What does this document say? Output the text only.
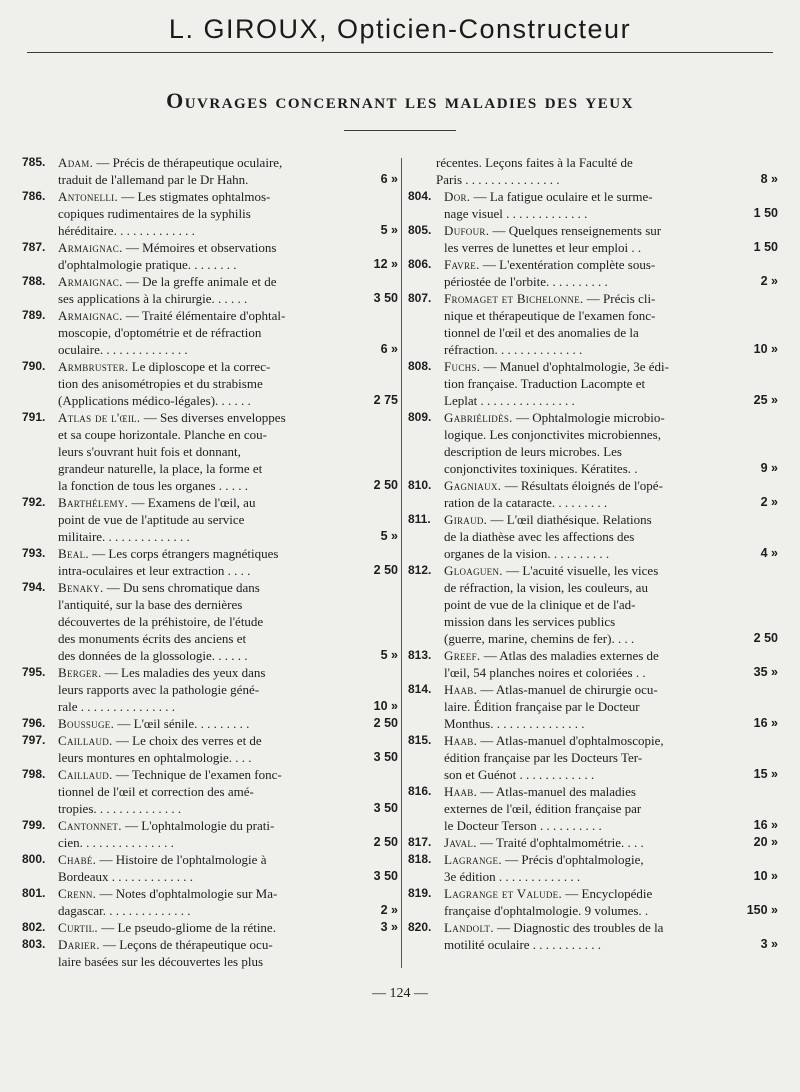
L. GIROUX, Opticien-Constructeur
Ouvrages concernant les maladies des yeux
785. Adam. — Précis de thérapeutique oculaire,
traduit de l'allemand par le Dr Hahn.	6 »
786. Antonelli. — Les stigmates ophtalmos-
copiques rudimentaires de la syphilis
héréditaire. . . . . . . . . . . . .	5 »
787. Armaignac. — Mémoires et observations
d'ophtalmologie pratique. . . . . . . .	12 »
788. Armaignac. — De la greffe animale et de
ses applications à la chirurgie. . . . . .	3 50
789. Armaignac. — Traité élémentaire d'ophtal-
moscopie, d'optométrie et de réfraction
oculaire. . . . . . . . . . . . . .	6 »
790. Armbruster. Le diploscope et la correc-
tion des anisométropies et du strabisme
(Applications médico-légales). . . . . .	2 75
791. Atlas de l'œil. — Ses diverses enveloppes
et sa coupe horizontale. Planche en cou-
leurs s'ouvrant huit fois et donnant,
grandeur naturelle, la place, la forme et
la fonction de tous les organes . . . . .	2 50
792. Barthélemy. — Examens de l'œil, au
point de vue de l'aptitude au service
militaire. . . . . . . . . . . . . .	5 »
793. Beal. — Les corps étrangers magnétiques
intra-oculaires et leur extraction . . . .	2 50
794. Benaky. — Du sens chromatique dans
l'antiquité, sur la base des dernières
découvertes de la préhistoire, de l'étude
des monuments écrits des anciens et
des données de la glossologie. . . . . .	5 »
795. Berger. — Les maladies des yeux dans
leurs rapports avec la pathologie géné-
rale . . . . . . . . . . . . . . .	10 »
796. Boussuge. — L'œil sénile. . . . . . . . .	2 50
797. Caillaud. — Le choix des verres et de
leurs montures en ophtalmologie. . . .	3 50
798. Caillaud. — Technique de l'examen fonc-
tionnel de l'œil et correction des amé-
tropies. . . . . . . . . . . . . .	3 50
799. Cantonnet. — L'ophtalmologie du prati-
cien. . . . . . . . . . . . . . .	2 50
800. Chabé. — Histoire de l'ophtalmologie à
Bordeaux . . . . . . . . . . . . .	3 50
801. Crenn. — Notes d'ophtalmologie sur Ma-
dagascar. . . . . . . . . . . . . .	2 »
802. Curtil. — Le pseudo-gliome de la rétine.	3 »
803. Darier. — Leçons de thérapeutique ocu-
laire basées sur les découvertes les plus
récentes. Leçons faites à la Faculté de
Paris . . . . . . . . . . . . . . .	8 »
804. Dor. — La fatigue oculaire et le surme-
nage visuel . . . . . . . . . . . . .	1 50
805. Dufour. — Quelques renseignements sur
les verres de lunettes et leur emploi . .	1 50
806. Favre. — L'exentération complète sous-
périostée de l'orbite. . . . . . . . . .	2 »
807. Fromaget et Bichelonne. — Précis cli-
nique et thérapeutique de l'examen fonc-
tionnel de l'œil et des anomalies de la
réfraction. . . . . . . . . . . . . .	10 »
808. Fuchs. — Manuel d'ophtalmologie, 3e édi-
tion française. Traduction Lacompte et
Leplat . . . . . . . . . . . . . . .	25 »
809. Gabriélidès. — Ophtalmologie microbio-
logique. Les conjonctivites microbiennes,
description de leurs microbes. Les
conjonctivites toxiniques. Kératites. .	9 »
810. Gagniaux. — Résultats éloignés de l'opé-
ration de la cataracte. . . . . . . . .	2 »
811.	Giraud. — L'œil diathésique. Relations
de la diathèse avec les affections des
organes de la vision. . . . . . . . . .	4 »
812. Gloaguen. — L'acuité visuelle, les vices
de réfraction, la vision, les couleurs, au
point de vue de la clinique et de l'ad-
mission dans les services publics
(guerre, marine, chemins de fer). . . .	2 50
813. Greef. — Atlas des maladies externes de
l'œil, 54 planches noires et coloriées . .	35 »
814. Haab. — Atlas-manuel de chirurgie ocu-
laire. Édition française par le Docteur
Monthus. . . . . . . . . . . . . . .	16 »
815. Haab. — Atlas-manuel d'ophtalmoscopie,
édition française par les Docteurs Ter-
son et Guénot . . . . . . . . . . . .	15 »
816. Haab. — Atlas-manuel des maladies
externes de l'œil, édition française par
le Docteur Terson . . . . . . . . . .	16 »
817. Javal. — Traité d'ophtalmométrie. . . .	20 »
818. Lagrange. — Précis d'ophtalmologie,
3e édition . . . . . . . . . . . . .	10 »
819. Lagrange et Valude. — Encyclopédie
française d'ophtalmologie. 9 volumes. .	150 »
820. Landolt. — Diagnostic des troubles de la
motilité oculaire . . . . . . . . . . .	3 »
— 124 —
